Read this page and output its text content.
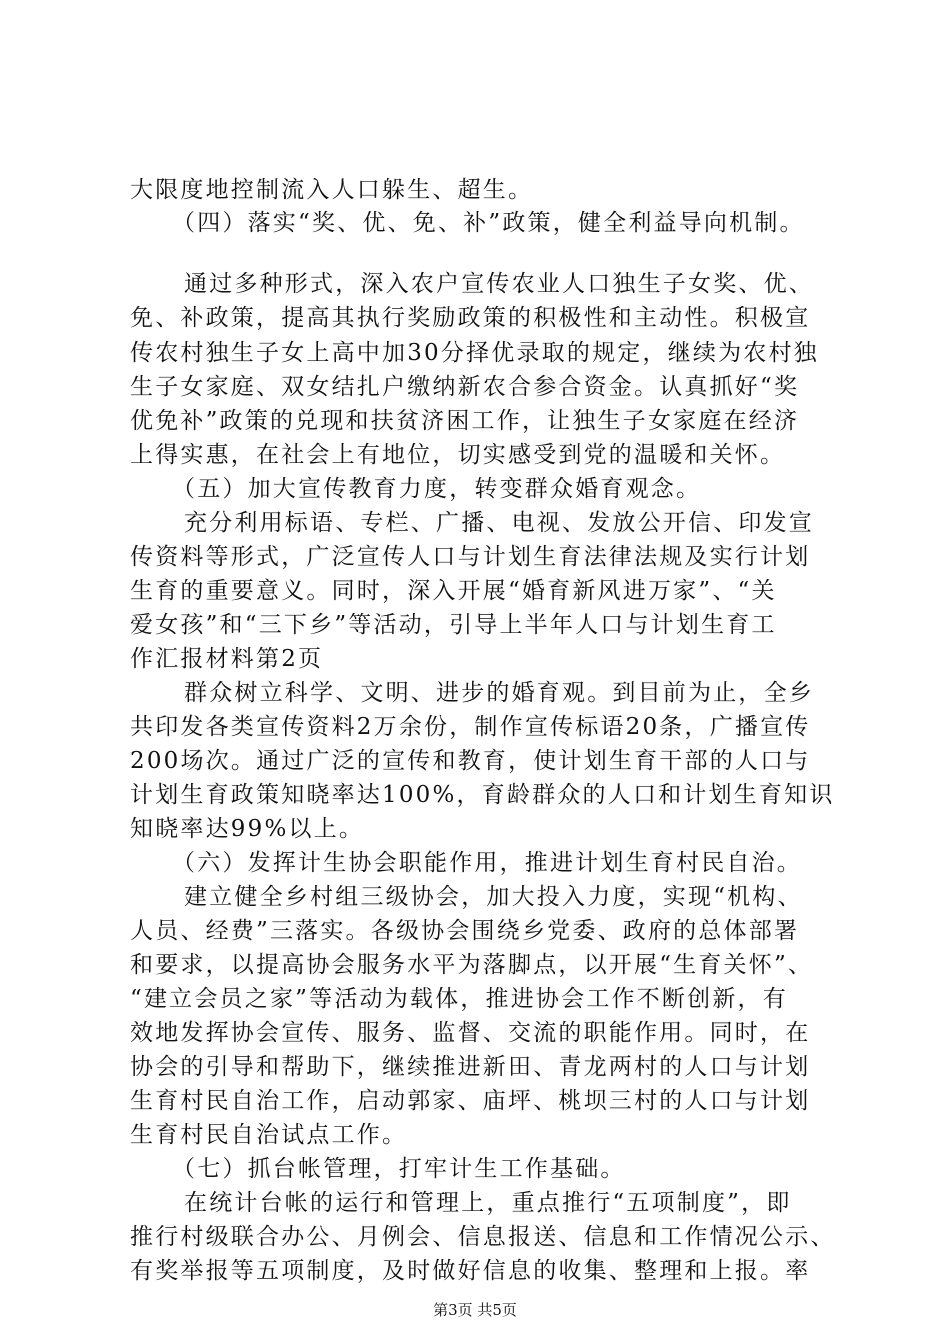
大限度地控制流入人口躲生、超生。
（四）落实“奖、优、免、补”政策，健全利益导向机制。
通过多种形式，深入农户宣传农业人口独生子女奖、优、
免、补政策，提高其执行奖励政策的积极性和主动性。积极宣
传农村独生子女上高中加30分择优录取的规定，继续为农村独
生子女家庭、双女结扎户缴纳新农合参合资金。认真抓好“奖
优免补”政策的兑现和扶贫济困工作，让独生子女家庭在经济
上得实惠，在社会上有地位，切实感受到党的温暖和关怀。
（五）加大宣传教育力度，转变群众婚育观念。
充分利用标语、专栏、广播、电视、发放公开信、印发宣
传资料等形式，广泛宣传人口与计划生育法律法规及实行计划
生育的重要意义。同时，深入开展“婚育新风进万家”、“关
爱女孩”和“三下乡”等活动，引导上半年人口与计划生育工
作汇报材料第2页
群众树立科学、文明、进步的婚育观。到目前为止，全乡
共印发各类宣传资料2万余份，制作宣传标语20条，广播宣传
200场次。通过广泛的宣传和教育，使计划生育干部的人口与
计划生育政策知晓率达100%，育龄群众的人口和计划生育知识
知晓率达99%以上。
（六）发挥计生协会职能作用，推进计划生育村民自治。
建立健全乡村组三级协会，加大投入力度，实现“机构、
人员、经费”三落实。各级协会围绕乡党委、政府的总体部署
和要求，以提高协会服务水平为落脚点，以开展“生育关怀”、
“建立会员之家”等活动为载体，推进协会工作不断创新，有
效地发挥协会宣传、服务、监督、交流的职能作用。同时，在
协会的引导和帮助下，继续推进新田、青龙两村的人口与计划
生育村民自治工作，启动郭家、庙坪、桃坝三村的人口与计划
生育村民自治试点工作。
（七）抓台帐管理，打牢计生工作基础。
在统计台帐的运行和管理上，重点推行“五项制度”，即
推行村级联合办公、月例会、信息报送、信息和工作情况公示、
有奖举报等五项制度，及时做好信息的收集、整理和上报。率
第3页 共5页
